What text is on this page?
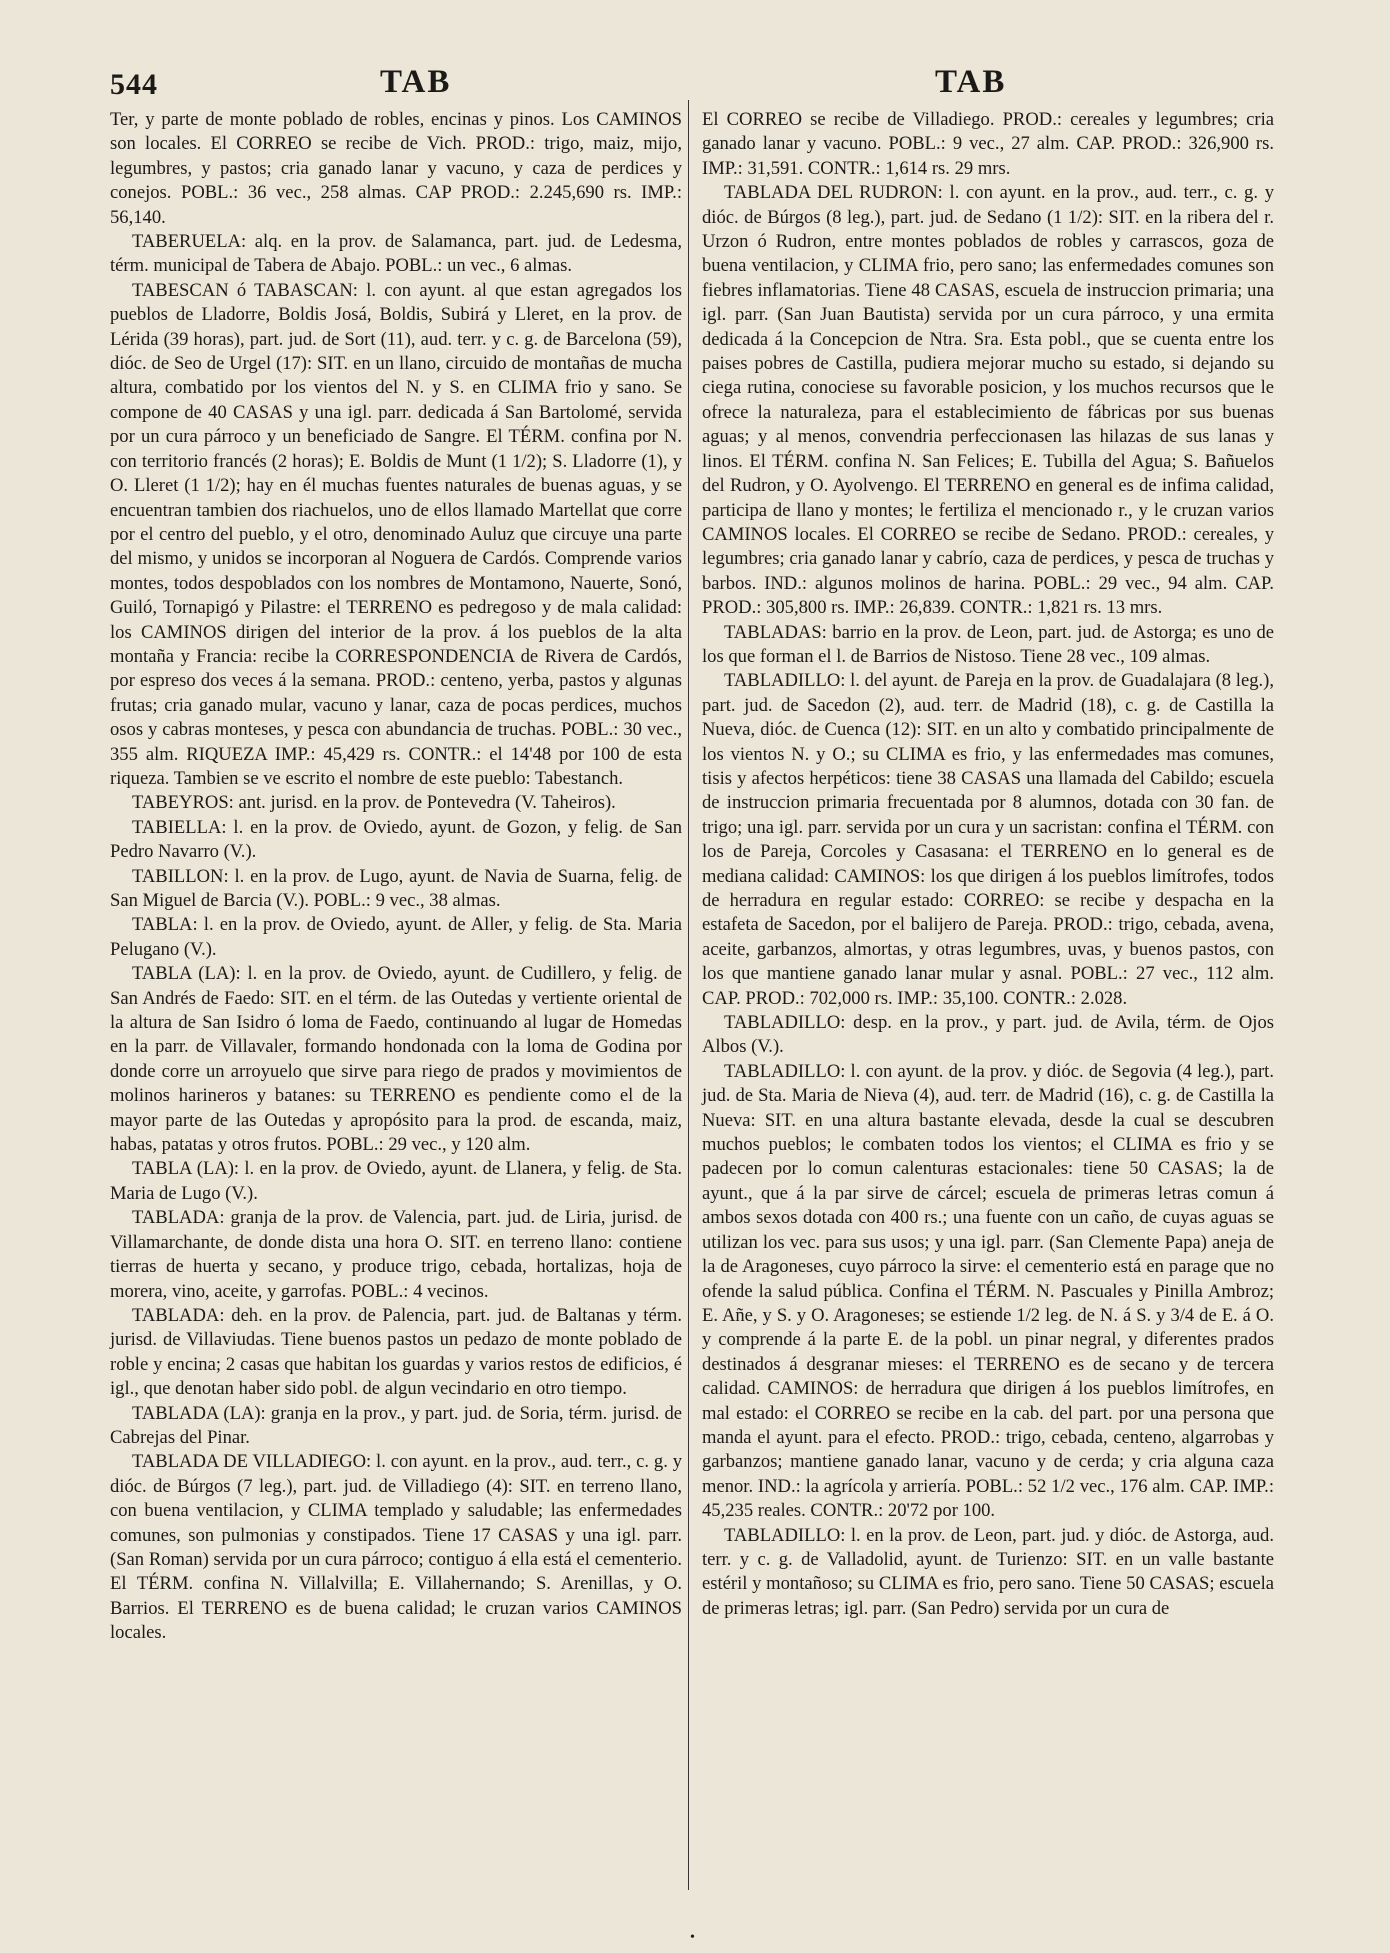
544	TAB	TAB

Ter, y parte de monte poblado de robles, encinas y pinos. Los CAMINOS son locales. El CORREO se recibe de Vich. PROD.: trigo, maiz, mijo, legumbres, y pastos; cria ganado lanar y vacuno, y caza de perdices y conejos. POBL.: 36 vec., 258 almas. CAP PROD.: 2.245,690 rs. IMP.: 56,140.

TABERUELA: alq. en la prov. de Salamanca, part. jud. de Ledesma, térm. municipal de Tabera de Abajo. POBL.: un vec., 6 almas.

TABESCAN ó TABASCAN: l. con ayunt. al que estan agregados los pueblos de Lladorre, Boldis Josá, Boldis, Subirá y Lleret, en la prov. de Lérida (39 horas), part. jud. de Sort (11), aud. terr. y c. g. de Barcelona (59), dióc. de Seo de Urgel (17): SIT. en un llano, circuido de montañas de mucha altura, combatido por los vientos del N. y S. en CLIMA frio y sano. Se compone de 40 CASAS y una igl. parr. dedicada á San Bartolomé, servida por un cura párroco y un beneficiado de Sangre. El TÉRM. confina por N. con territorio francés (2 horas); E. Boldis de Munt (1 1/2); S. Lladorre (1), y O. Lleret (1 1/2); hay en él muchas fuentes naturales de buenas aguas, y se encuentran tambien dos riachuelos, uno de ellos llamado Martellat que corre por el centro del pueblo, y el otro, denominado Auluz que circuye una parte del mismo, y unidos se incorporan al Noguera de Cardós. Comprende varios montes, todos despoblados con los nombres de Montamono, Nauerte, Sonó, Guiló, Tornapigó y Pilastre: el TERRENO es pedregoso y de mala calidad: los CAMINOS dirigen del interior de la prov. á los pueblos de la alta montaña y Francia: recibe la CORRESPONDENCIA de Rivera de Cardós, por espreso dos veces á la semana. PROD.: centeno, yerba, pastos y algunas frutas; cria ganado mular, vacuno y lanar, caza de pocas perdices, muchos osos y cabras monteses, y pesca con abundancia de truchas. POBL.: 30 vec., 355 alm. RIQUEZA IMP.: 45,429 rs. CONTR.: el 14'48 por 100 de esta riqueza. Tambien se ve escrito el nombre de este pueblo: Tabestanch.

TABEYROS: ant. jurisd. en la prov. de Pontevedra (V. Taheiros).

TABIELLA: l. en la prov. de Oviedo, ayunt. de Gozon, y felig. de San Pedro Navarro (V.).

TABILLON: l. en la prov. de Lugo, ayunt. de Navia de Suarna, felig. de San Miguel de Barcia (V.). POBL.: 9 vec., 38 almas.

TABLA: l. en la prov. de Oviedo, ayunt. de Aller, y felig. de Sta. Maria Pelugano (V.).

TABLA (LA): l. en la prov. de Oviedo, ayunt. de Cudillero, y felig. de San Andrés de Faedo: SIT. en el térm. de las Outedas y vertiente oriental de la altura de San Isidro ó loma de Faedo, continuando al lugar de Homedas en la parr. de Villavaler, formando hondonada con la loma de Godina por donde corre un arroyuelo que sirve para riego de prados y movimientos de molinos harineros y batanes: su TERRENO es pendiente como el de la mayor parte de las Outedas y apropósito para la prod. de escanda, maiz, habas, patatas y otros frutos. POBL.: 29 vec., y 120 alm.

TABLA (LA): l. en la prov. de Oviedo, ayunt. de Llanera, y felig. de Sta. Maria de Lugo (V.).

TABLADA: granja de la prov. de Valencia, part. jud. de Liria, jurisd. de Villamarchante, de donde dista una hora O. SIT. en terreno llano: contiene tierras de huerta y secano, y produce trigo, cebada, hortalizas, hoja de morera, vino, aceite, y garrofas. POBL.: 4 vecinos.

TABLADA: deh. en la prov. de Palencia, part. jud. de Baltanas y térm. jurisd. de Villaviudas. Tiene buenos pastos un pedazo de monte poblado de roble y encina; 2 casas que habitan los guardas y varios restos de edificios, é igl., que denotan haber sido pobl. de algun vecindario en otro tiempo.

TABLADA (LA): granja en la prov., y part. jud. de Soria, térm. jurisd. de Cabrejas del Pinar.

TABLADA DE VILLADIEGO: l. con ayunt. en la prov., aud. terr., c. g. y dióc. de Búrgos (7 leg.), part. jud. de Villadiego (4): SIT. en terreno llano, con buena ventilacion, y CLIMA templado y saludable; las enfermedades comunes, son pulmonias y constipados. Tiene 17 CASAS y una igl. parr. (San Roman) servida por un cura párroco; contiguo á ella está el cementerio. El TÉRM. confina N. Villalvilla; E. Villahernando; S. Arenillas, y O. Barrios. El TERRENO es de buena calidad; le cruzan varios CAMINOS locales.

El CORREO se recibe de Villadiego. PROD.: cereales y legumbres; cria ganado lanar y vacuno. POBL.: 9 vec., 27 alm. CAP. PROD.: 326,900 rs. IMP.: 31,591. CONTR.: 1,614 rs. 29 mrs.

TABLADA DEL RUDRON: l. con ayunt. en la prov., aud. terr., c. g. y dióc. de Búrgos (8 leg.), part. jud. de Sedano (1 1/2): SIT. en la ribera del r. Urzon ó Rudron, entre montes poblados de robles y carrascos, goza de buena ventilacion, y CLIMA frio, pero sano; las enfermedades comunes son fiebres inflamatorias. Tiene 48 CASAS, escuela de instruccion primaria; una igl. parr. (San Juan Bautista) servida por un cura párroco, y una ermita dedicada á la Concepcion de Ntra. Sra. Esta pobl., que se cuenta entre los paises pobres de Castilla, pudiera mejorar mucho su estado, si dejando su ciega rutina, conociese su favorable posicion, y los muchos recursos que le ofrece la naturaleza, para el establecimiento de fábricas por sus buenas aguas; y al menos, convendria perfeccionasen las hilazas de sus lanas y linos. El TÉRM. confina N. San Felices; E. Tubilla del Agua; S. Bañuelos del Rudron, y O. Ayolvengo. El TERRENO en general es de infima calidad, participa de llano y montes; le fertiliza el mencionado r., y le cruzan varios CAMINOS locales. El CORREO se recibe de Sedano. PROD.: cereales, y legumbres; cria ganado lanar y cabrío, caza de perdices, y pesca de truchas y barbos. IND.: algunos molinos de harina. POBL.: 29 vec., 94 alm. CAP. PROD.: 305,800 rs. IMP.: 26,839. CONTR.: 1,821 rs. 13 mrs.

TABLADAS: barrio en la prov. de Leon, part. jud. de Astorga; es uno de los que forman el l. de Barrios de Nistoso. Tiene 28 vec., 109 almas.

TABLADILLO: l. del ayunt. de Pareja en la prov. de Guadalajara (8 leg.), part. jud. de Sacedon (2), aud. terr. de Madrid (18), c. g. de Castilla la Nueva, dióc. de Cuenca (12): SIT. en un alto y combatido principalmente de los vientos N. y O.; su CLIMA es frio, y las enfermedades mas comunes, tisis y afectos herpéticos: tiene 38 CASAS una llamada del Cabildo; escuela de instruccion primaria frecuentada por 8 alumnos, dotada con 30 fan. de trigo; una igl. parr. servida por un cura y un sacristan: confina el TÉRM. con los de Pareja, Corcoles y Casasana: el TERRENO en lo general es de mediana calidad: CAMINOS: los que dirigen á los pueblos limítrofes, todos de herradura en regular estado: CORREO: se recibe y despacha en la estafeta de Sacedon, por el balijero de Pareja. PROD.: trigo, cebada, avena, aceite, garbanzos, almortas, y otras legumbres, uvas, y buenos pastos, con los que mantiene ganado lanar mular y asnal. POBL.: 27 vec., 112 alm. CAP. PROD.: 702,000 rs. IMP.: 35,100. CONTR.: 2.028.

TABLADILLO: desp. en la prov., y part. jud. de Avila, térm. de Ojos Albos (V.).

TABLADILLO: l. con ayunt. de la prov. y dióc. de Segovia (4 leg.), part. jud. de Sta. Maria de Nieva (4), aud. terr. de Madrid (16), c. g. de Castilla la Nueva: SIT. en una altura bastante elevada, desde la cual se descubren muchos pueblos; le combaten todos los vientos; el CLIMA es frio y se padecen por lo comun calenturas estacionales: tiene 50 CASAS; la de ayunt., que á la par sirve de cárcel; escuela de primeras letras comun á ambos sexos dotada con 400 rs.; una fuente con un caño, de cuyas aguas se utilizan los vec. para sus usos; y una igl. parr. (San Clemente Papa) aneja de la de Aragoneses, cuyo párroco la sirve: el cementerio está en parage que no ofende la salud pública. Confina el TÉRM. N. Pascuales y Pinilla Ambroz; E. Añe, y S. y O. Aragoneses; se estiende 1/2 leg. de N. á S. y 3/4 de E. á O. y comprende á la parte E. de la pobl. un pinar negral, y diferentes prados destinados á desgranar mieses: el TERRENO es de secano y de tercera calidad. CAMINOS: de herradura que dirigen á los pueblos limítrofes, en mal estado: el CORREO se recibe en la cab. del part. por una persona que manda el ayunt. para el efecto. PROD.: trigo, cebada, centeno, algarrobas y garbanzos; mantiene ganado lanar, vacuno y de cerda; y cria alguna caza menor. IND.: la agrícola y arriería. POBL.: 52 1/2 vec., 176 alm. CAP. IMP.: 45,235 reales. CONTR.: 20'72 por 100.

TABLADILLO: l. en la prov. de Leon, part. jud. y dióc. de Astorga, aud. terr. y c. g. de Valladolid, ayunt. de Turienzo: SIT. en un valle bastante estéril y montañoso; su CLIMA es frio, pero sano. Tiene 50 CASAS; escuela de primeras letras; igl. parr. (San Pedro) servida por un cura de

•
